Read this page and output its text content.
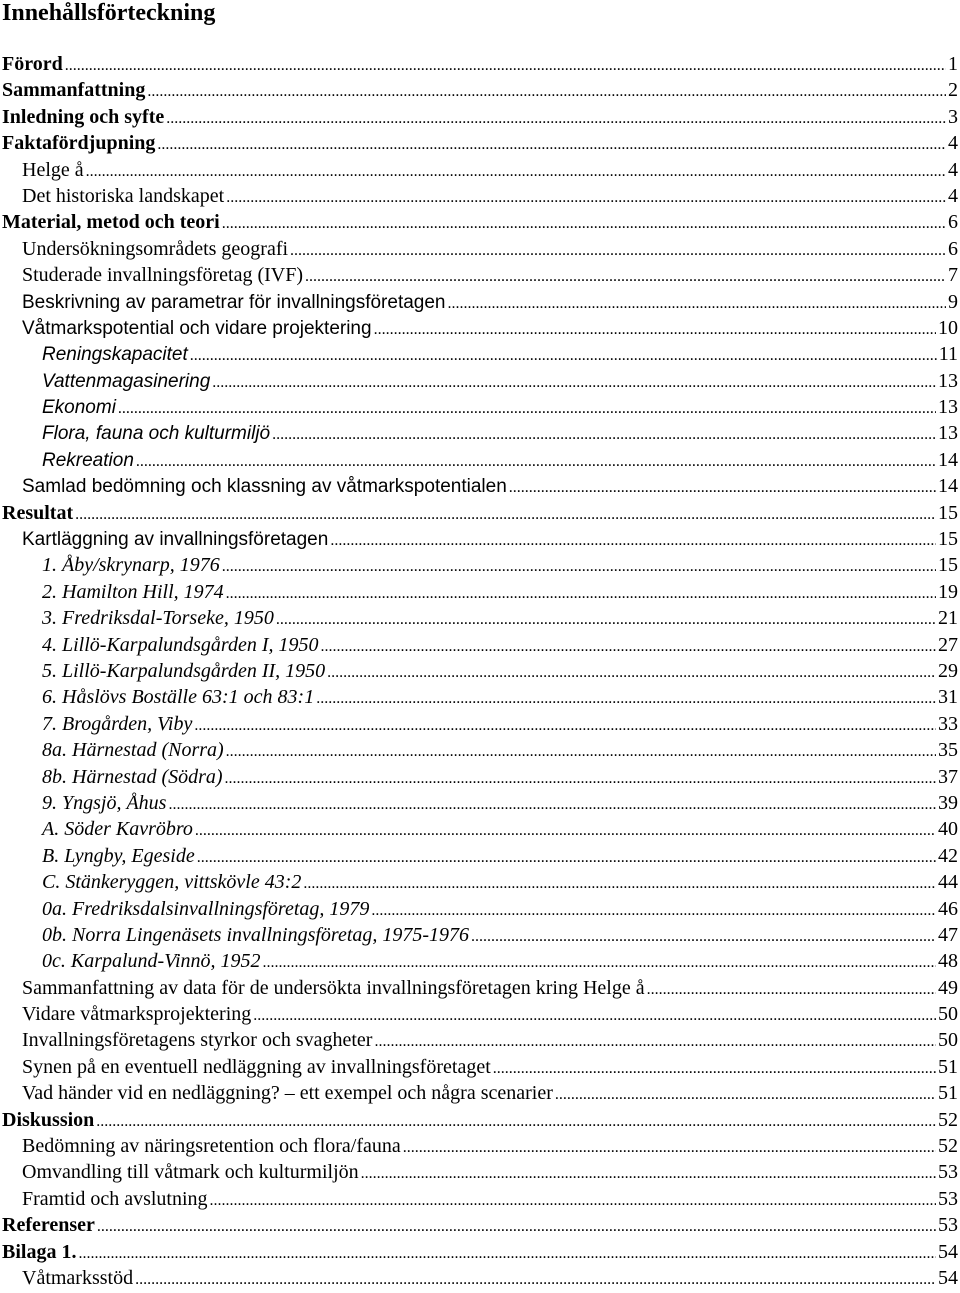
Innehållsförteckning
Förord .....	1
Sammanfattning .....	2
Inledning och syfte .....	3
Faktafördjupning .....	4
Helge å .....	4
Det historiska landskapet .....	4
Material, metod och teori .....	6
Undersökningsområdets geografi .....	6
Studerade invallningsföretag (IVF) .....	7
Beskrivning av parametrar för invallningsföretagen .....	9
Våtmarkspotential och vidare projektering .....	10
Reningskapacitet .....	11
Vattenmagasinering .....	13
Ekonomi .....	13
Flora, fauna och kulturmiljö .....	13
Rekreation .....	14
Samlad bedömning och klassning av våtmarkspotentialen .....	14
Resultat .....	15
Kartläggning av invallningsföretagen .....	15
1. Åby/skrynarp, 1976 .....	15
2. Hamilton Hill, 1974 .....	19
3. Fredriksdal-Torseke, 1950 .....	21
4. Lillö-Karpalundsgården I, 1950 .....	27
5. Lillö-Karpalundsgården II, 1950 .....	29
6. Håslövs Boställe 63:1 och 83:1 .....	31
7. Brogården, Viby .....	33
8a. Härnestad (Norra) .....	35
8b. Härnestad (Södra) .....	37
9. Yngsjö, Åhus .....	39
A. Söder Kavröbro .....	40
B. Lyngby, Egeside .....	42
C. Stänkeryggen, vittskövle 43:2 .....	44
0a. Fredriksdalsinvallningsföretag, 1979 .....	46
0b. Norra Lingenäsets invallningsföretag, 1975-1976 .....	47
0c. Karpalund-Vinnö, 1952 .....	48
Sammanfattning av data för de undersökta invallningsföretagen kring Helge å .....	49
Vidare våtmarksprojektering .....	50
Invallningsföretagens styrkor och svagheter .....	50
Synen på en eventuell nedläggning av invallningsföretaget .....	51
Vad händer vid en nedläggning? – ett exempel och några scenarier .....	51
Diskussion .....	52
Bedömning av näringsretention och flora/fauna .....	52
Omvandling till våtmark och kulturmiljön .....	53
Framtid och avslutning .....	53
Referenser .....	53
Bilaga 1. .....	54
Våtmarksstöd .....	54
